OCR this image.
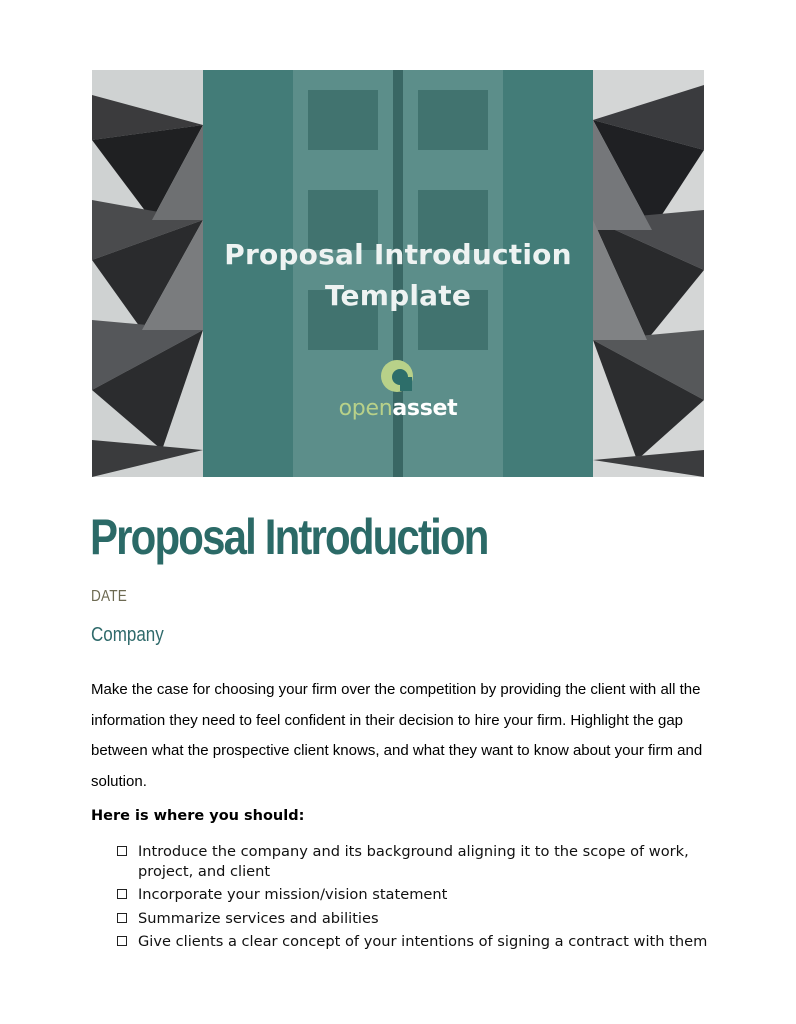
Proposal Introduction
Template
openasset
Proposal Introduction
DATE
Company

Make the case for choosing your firm over the competition by providing the client with all the information they need to feel confident in their decision to hire your firm. Highlight the gap between what the prospective client knows, and what they want to know about your firm and solution.

Here is where you should:
Introduce the company and its background aligning it to the scope of work, project, and client
Incorporate your mission/vision statement
Summarize services and abilities
Give clients a clear concept of your intentions of signing a contract with them
